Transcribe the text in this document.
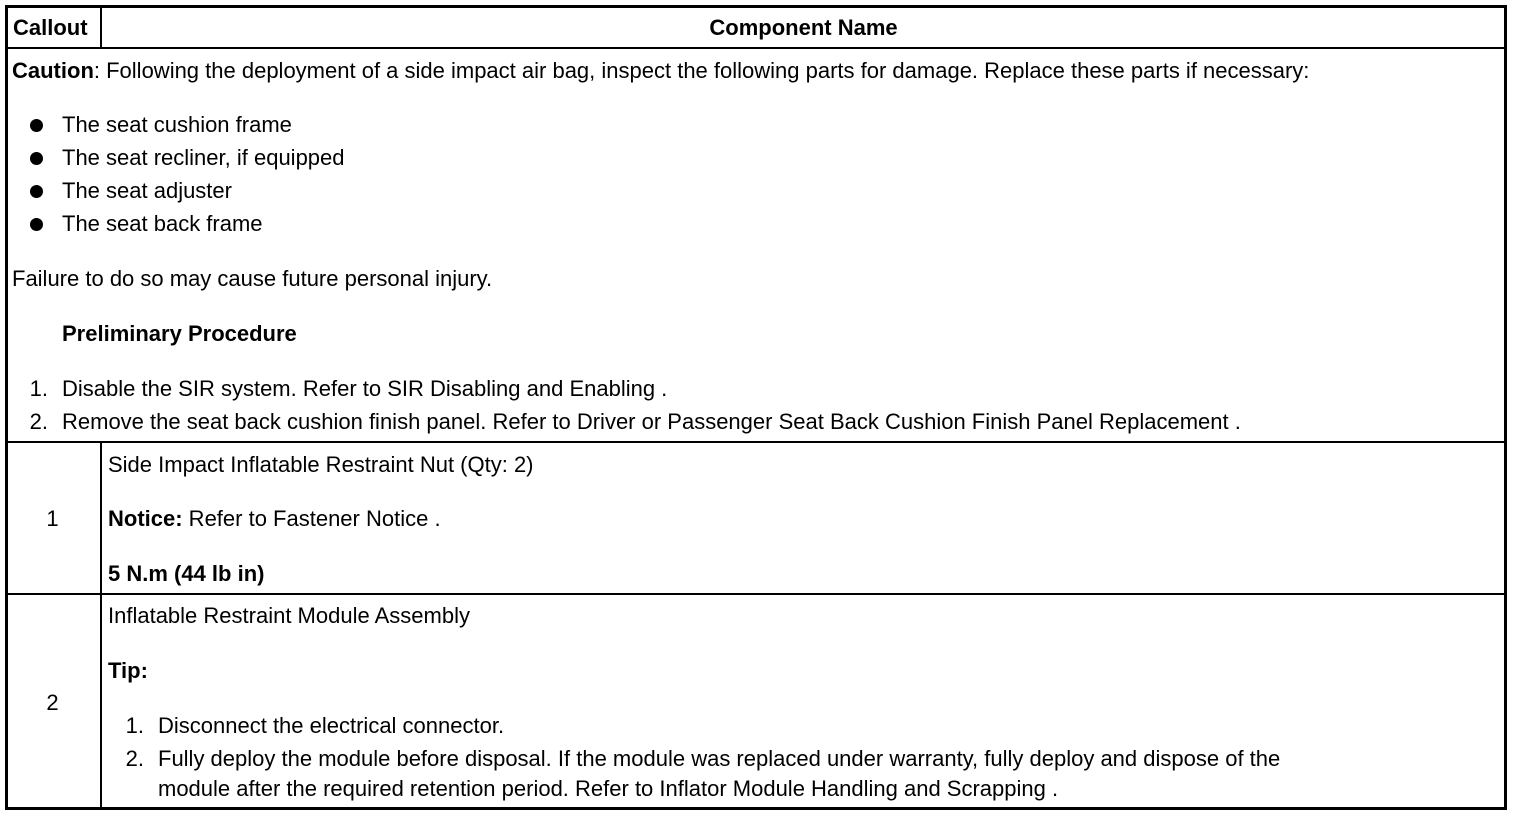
Callout	Component Name
Caution: Following the deployment of a side impact air bag, inspect the following parts for damage. Replace these parts if necessary:
The seat cushion frame
The seat recliner, if equipped
The seat adjuster
The seat back frame
Failure to do so may cause future personal injury.
Preliminary Procedure
1. Disable the SIR system. Refer to SIR Disabling and Enabling .
2. Remove the seat back cushion finish panel. Refer to Driver or Passenger Seat Back Cushion Finish Panel Replacement .
1
Side Impact Inflatable Restraint Nut (Qty: 2)
Notice: Refer to Fastener Notice .
5 N.m (44 lb in)
2
Inflatable Restraint Module Assembly
Tip:
1. Disconnect the electrical connector.
2. Fully deploy the module before disposal. If the module was replaced under warranty, fully deploy and dispose of the
module after the required retention period. Refer to Inflator Module Handling and Scrapping .
